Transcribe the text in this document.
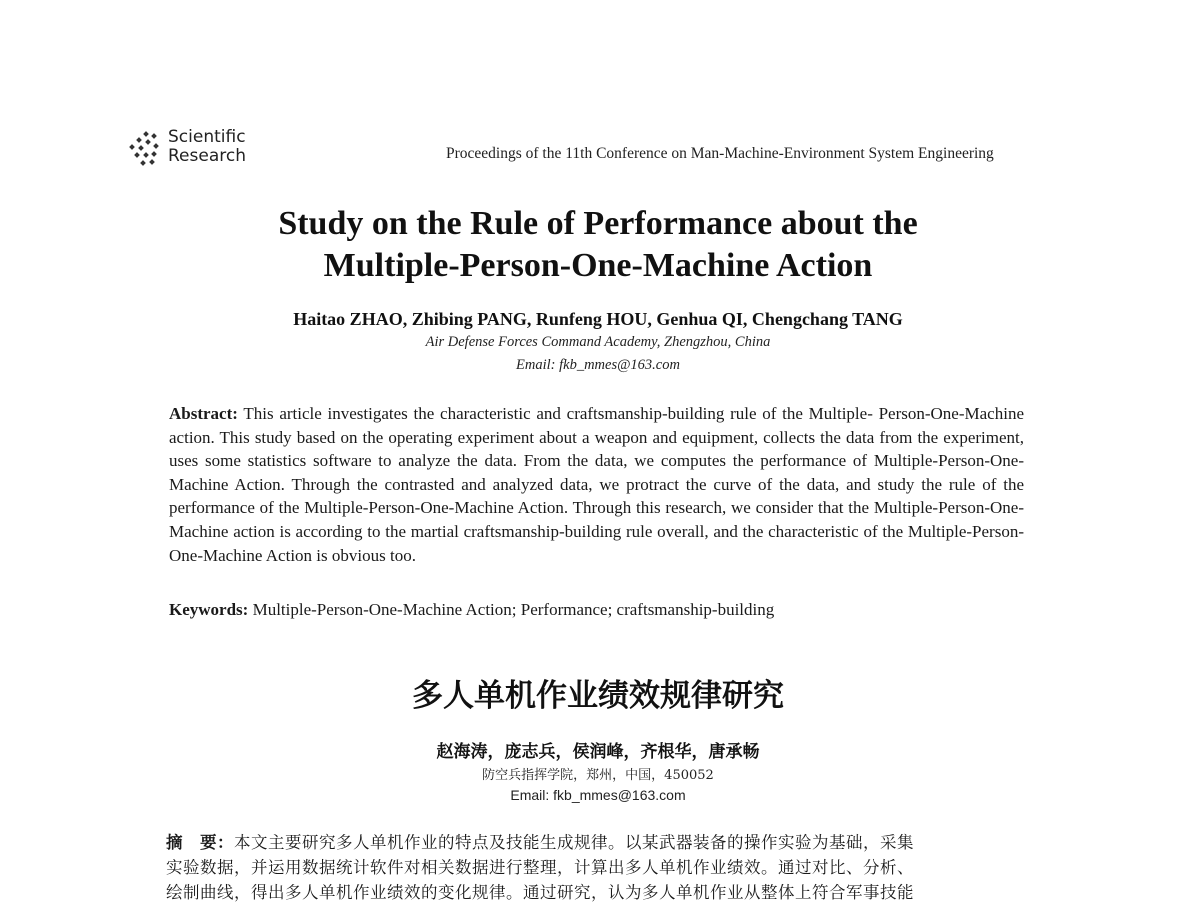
Scientific
Research	Proceedings of the 11th Conference on Man-Machine-Environment System Engineering
Study on the Rule of Performance about the
Multiple-Person-One-Machine Action
Haitao ZHAO, Zhibing PANG, Runfeng HOU, Genhua QI, Chengchang TANG
Air Defense Forces Command Academy, Zhengzhou, China
Email: fkb_mmes@163.com
Abstract: This article investigates the characteristic and craftsmanship-building rule of the Multiple- Person-One-Machine action. This study based on the operating experiment about a weapon and equipment, collects the data from the experiment, uses some statistics software to analyze the data. From the data, we computes the performance of Multiple-Person-One-Machine Action. Through the contrasted and analyzed data, we protract the curve of the data, and study the rule of the performance of the Multiple-Person-One-Machine Action. Through this research, we consider that the Multiple-Person-One- Machine action is according to the martial craftsmanship-building rule overall, and the characteristic of the Multiple-Person-One-Machine Action is obvious too.
Keywords: Multiple-Person-One-Machine Action; Performance; craftsmanship-building
多人单机作业绩效规律研究
赵海涛，庞志兵，侯润峰，齐根华，唐承畅
防空兵指挥学院，郑州，中国，450052
Email: fkb_mmes@163.com
摘　要：本文主要研究多人单机作业的特点及技能生成规律。以某武器装备的操作实验为基础，采集
实验数据，并运用数据统计软件对相关数据进行整理，计算出多人单机作业绩效。通过对比、分析、
绘制曲线，得出多人单机作业绩效的变化规律。通过研究，认为多人单机作业从整体上符合军事技能
